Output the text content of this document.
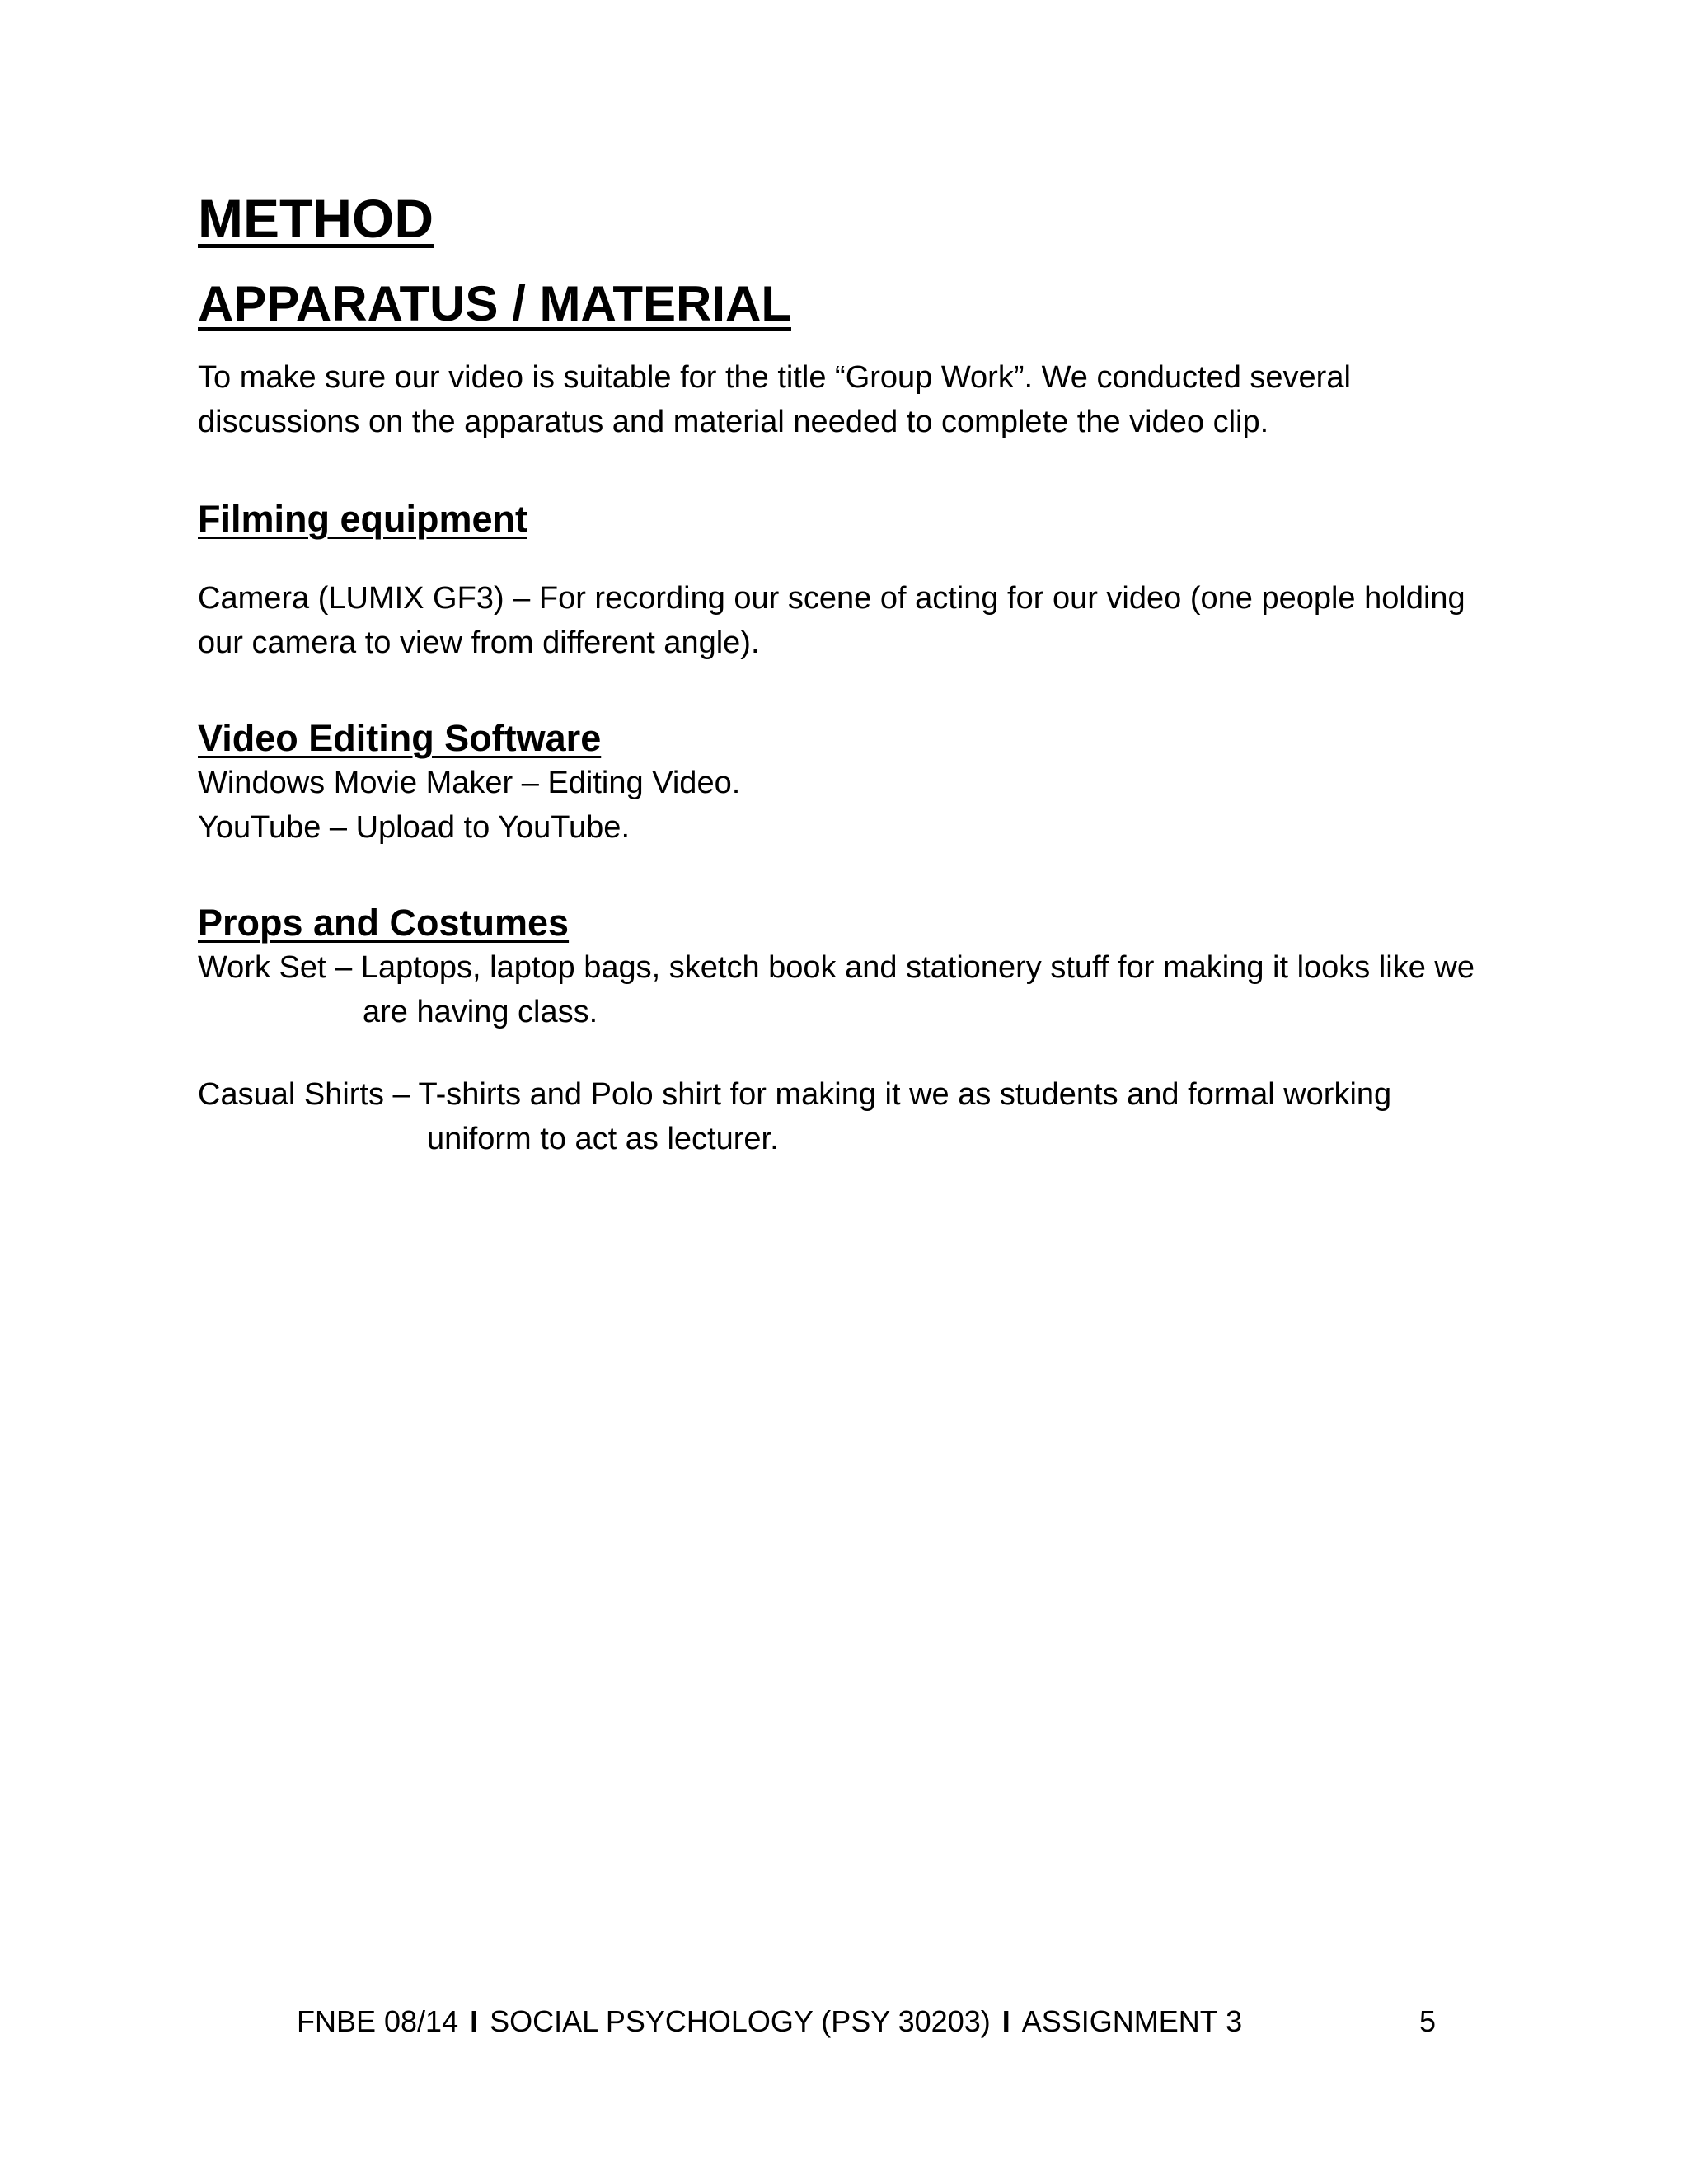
METHOD
APPARATUS / MATERIAL

To make sure our video is suitable for the title “Group Work”. We conducted several discussions on the apparatus and material needed to complete the video clip.

Filming equipment

Camera (LUMIX GF3) – For recording our scene of acting for our video (one people holding our camera to view from different angle).

Video Editing Software

Windows Movie Maker – Editing Video.

YouTube – Upload to YouTube.

Props and Costumes

Work Set – Laptops, laptop bags, sketch book and stationery stuff for making it looks like we are having class.

Casual Shirts – T-shirts and Polo shirt for making it we as students and formal working uniform to act as lecturer.

FNBE 08/14 I SOCIAL PSYCHOLOGY (PSY 30203) I ASSIGNMENT 3	5
